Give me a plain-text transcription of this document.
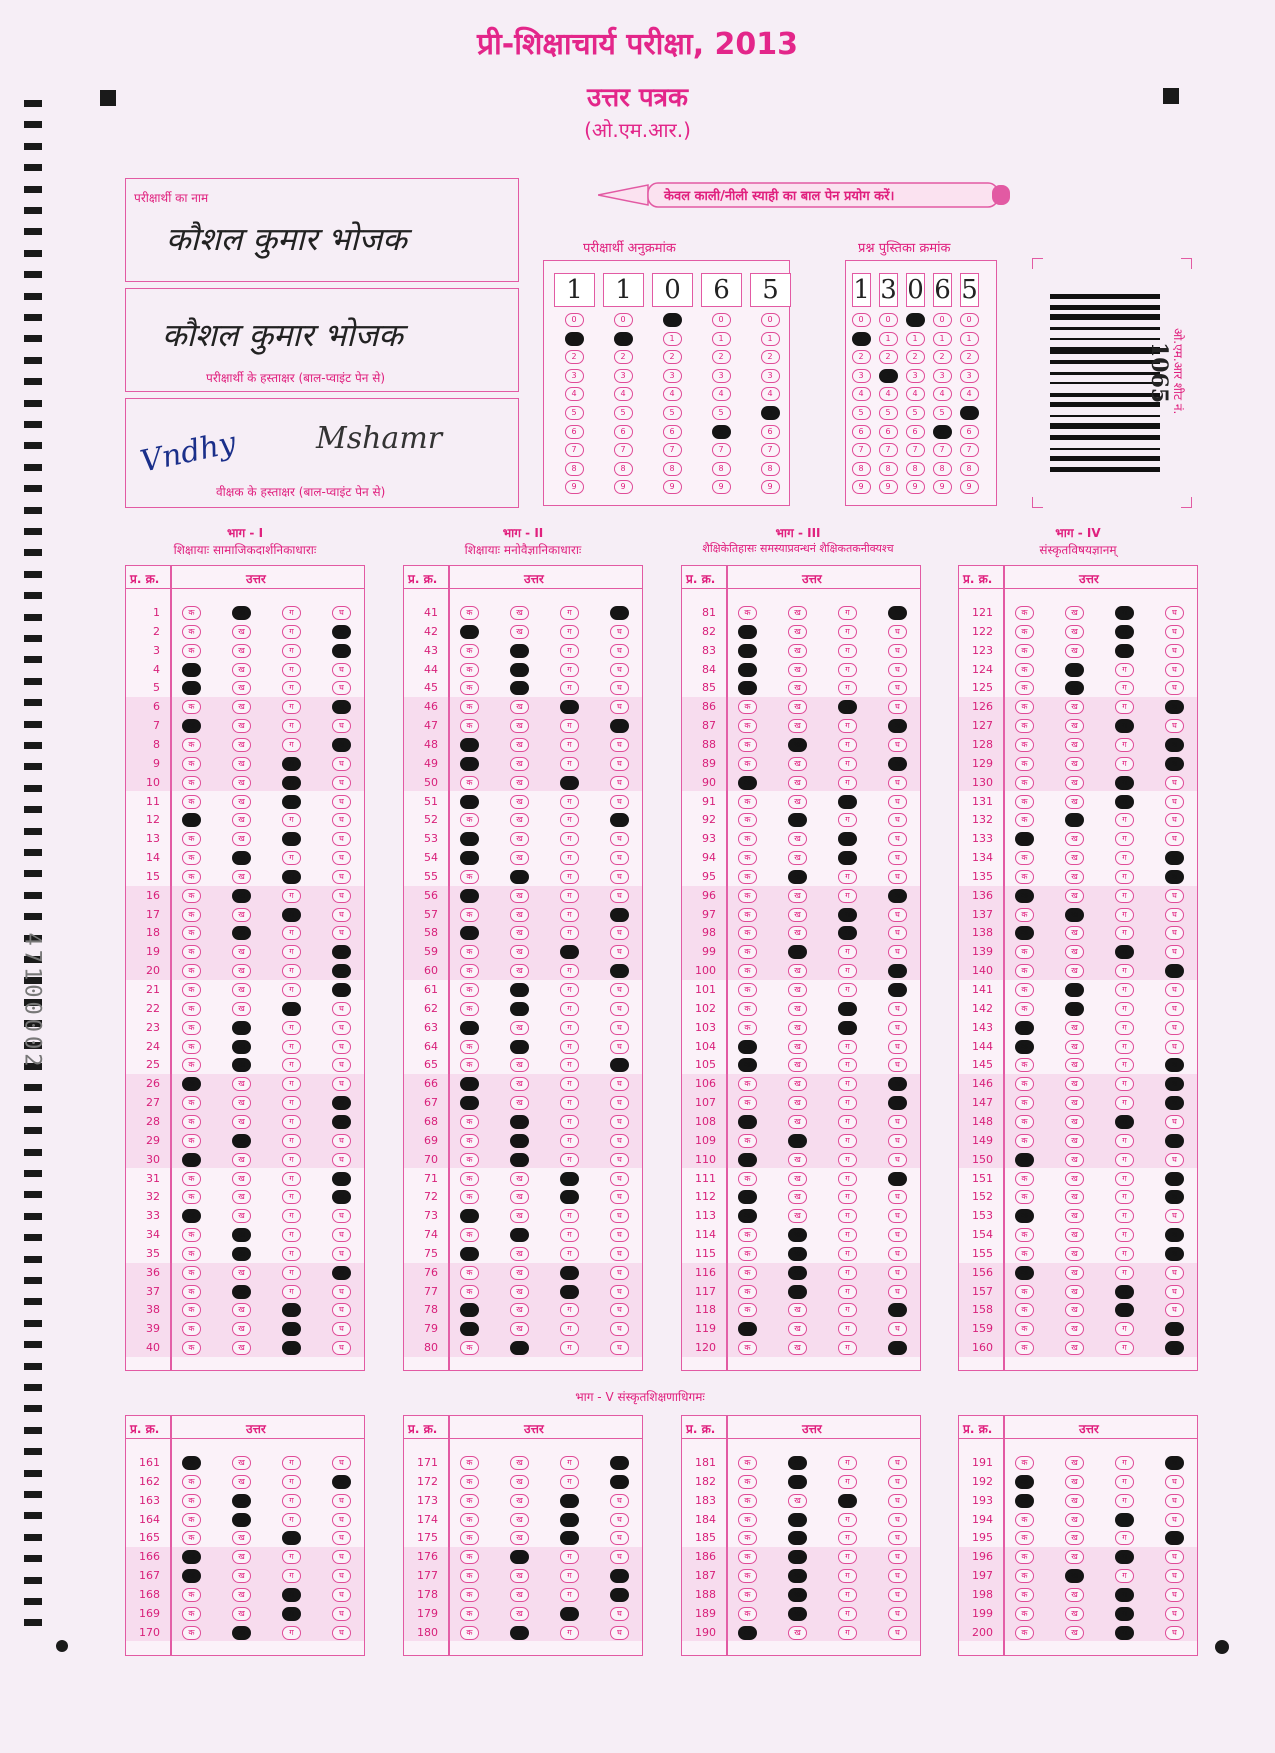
47100002
प्री-शिक्षाचार्य परीक्षा, 2013
उत्तर पत्रक
(ओ.एम.आर.)
केवल काली/नीली स्याही का बाल पेन प्रयोग करें।
परीक्षार्थी का नाम
कौशल कुमार भोजक
कौशल कुमार भोजक
परीक्षार्थी के हस्ताक्षर (बाल-प्वाइंट पेन से)
Vndhy	Mshamr
वीक्षक के हस्ताक्षर (बाल-प्वाइंट पेन से)
परीक्षार्थी अनुक्रमांक
1
0
1
2
3
4
5
6
7
8
9
1
0
1
2
3
4
5
6
7
8
9
0
0
1
2
3
4
5
6
7
8
9
6
0
1
2
3
4
5
6
7
8
9
5
0
1
2
3
4
5
6
7
8
9
प्रश्न पुस्तिका क्रमांक
1
0
1
2
3
4
5
6
7
8
9
3
0
1
2
3
4
5
6
7
8
9
0
0
1
2
3
4
5
6
7
8
9
6
0
1
2
3
4
5
6
7
8
9
5
0
1
2
3
4
5
6
7
8
9
ओ.एम.आर शीट नं.
1065
भाग - I
शिक्षायाः सामाजिकदार्शनिकाधाराः
भाग - II
शिक्षायाः मनोवैज्ञानिकाधाराः
भाग - III
शैक्षिकेतिहासः समस्याप्रवन्धनं शैक्षिकतकनीक्यश्च
भाग - IV
संस्कृतविषयज्ञानम्
प्र. क्र.	उत्तर
1	क	ख	ग	घ
2	क	ख	ग	घ
3	क	ख	ग	घ
4	क	ख	ग	घ
5	क	ख	ग	घ
6	क	ख	ग	घ
7	क	ख	ग	घ
8	क	ख	ग	घ
9	क	ख	ग	घ
10	क	ख	ग	घ
11	क	ख	ग	घ
12	क	ख	ग	घ
13	क	ख	ग	घ
14	क	ख	ग	घ
15	क	ख	ग	घ
16	क	ख	ग	घ
17	क	ख	ग	घ
18	क	ख	ग	घ
19	क	ख	ग	घ
20	क	ख	ग	घ
21	क	ख	ग	घ
22	क	ख	ग	घ
23	क	ख	ग	घ
24	क	ख	ग	घ
25	क	ख	ग	घ
26	क	ख	ग	घ
27	क	ख	ग	घ
28	क	ख	ग	घ
29	क	ख	ग	घ
30	क	ख	ग	घ
31	क	ख	ग	घ
32	क	ख	ग	घ
33	क	ख	ग	घ
34	क	ख	ग	घ
35	क	ख	ग	घ
36	क	ख	ग	घ
37	क	ख	ग	घ
38	क	ख	ग	घ
39	क	ख	ग	घ
40	क	ख	ग	घ
प्र. क्र.	उत्तर
41	क	ख	ग	घ
42	क	ख	ग	घ
43	क	ख	ग	घ
44	क	ख	ग	घ
45	क	ख	ग	घ
46	क	ख	ग	घ
47	क	ख	ग	घ
48	क	ख	ग	घ
49	क	ख	ग	घ
50	क	ख	ग	घ
51	क	ख	ग	घ
52	क	ख	ग	घ
53	क	ख	ग	घ
54	क	ख	ग	घ
55	क	ख	ग	घ
56	क	ख	ग	घ
57	क	ख	ग	घ
58	क	ख	ग	घ
59	क	ख	ग	घ
60	क	ख	ग	घ
61	क	ख	ग	घ
62	क	ख	ग	घ
63	क	ख	ग	घ
64	क	ख	ग	घ
65	क	ख	ग	घ
66	क	ख	ग	घ
67	क	ख	ग	घ
68	क	ख	ग	घ
69	क	ख	ग	घ
70	क	ख	ग	घ
71	क	ख	ग	घ
72	क	ख	ग	घ
73	क	ख	ग	घ
74	क	ख	ग	घ
75	क	ख	ग	घ
76	क	ख	ग	घ
77	क	ख	ग	घ
78	क	ख	ग	घ
79	क	ख	ग	घ
80	क	ख	ग	घ
प्र. क्र.	उत्तर
81	क	ख	ग	घ
82	क	ख	ग	घ
83	क	ख	ग	घ
84	क	ख	ग	घ
85	क	ख	ग	घ
86	क	ख	ग	घ
87	क	ख	ग	घ
88	क	ख	ग	घ
89	क	ख	ग	घ
90	क	ख	ग	घ
91	क	ख	ग	घ
92	क	ख	ग	घ
93	क	ख	ग	घ
94	क	ख	ग	घ
95	क	ख	ग	घ
96	क	ख	ग	घ
97	क	ख	ग	घ
98	क	ख	ग	घ
99	क	ख	ग	घ
100	क	ख	ग	घ
101	क	ख	ग	घ
102	क	ख	ग	घ
103	क	ख	ग	घ
104	क	ख	ग	घ
105	क	ख	ग	घ
106	क	ख	ग	घ
107	क	ख	ग	घ
108	क	ख	ग	घ
109	क	ख	ग	घ
110	क	ख	ग	घ
111	क	ख	ग	घ
112	क	ख	ग	घ
113	क	ख	ग	घ
114	क	ख	ग	घ
115	क	ख	ग	घ
116	क	ख	ग	घ
117	क	ख	ग	घ
118	क	ख	ग	घ
119	क	ख	ग	घ
120	क	ख	ग	घ
प्र. क्र.	उत्तर
121	क	ख	ग	घ
122	क	ख	ग	घ
123	क	ख	ग	घ
124	क	ख	ग	घ
125	क	ख	ग	घ
126	क	ख	ग	घ
127	क	ख	ग	घ
128	क	ख	ग	घ
129	क	ख	ग	घ
130	क	ख	ग	घ
131	क	ख	ग	घ
132	क	ख	ग	घ
133	क	ख	ग	घ
134	क	ख	ग	घ
135	क	ख	ग	घ
136	क	ख	ग	घ
137	क	ख	ग	घ
138	क	ख	ग	घ
139	क	ख	ग	घ
140	क	ख	ग	घ
141	क	ख	ग	घ
142	क	ख	ग	घ
143	क	ख	ग	घ
144	क	ख	ग	घ
145	क	ख	ग	घ
146	क	ख	ग	घ
147	क	ख	ग	घ
148	क	ख	ग	घ
149	क	ख	ग	घ
150	क	ख	ग	घ
151	क	ख	ग	घ
152	क	ख	ग	घ
153	क	ख	ग	घ
154	क	ख	ग	घ
155	क	ख	ग	घ
156	क	ख	ग	घ
157	क	ख	ग	घ
158	क	ख	ग	घ
159	क	ख	ग	घ
160	क	ख	ग	घ
प्र. क्र.	उत्तर
161	क	ख	ग	घ
162	क	ख	ग	घ
163	क	ख	ग	घ
164	क	ख	ग	घ
165	क	ख	ग	घ
166	क	ख	ग	घ
167	क	ख	ग	घ
168	क	ख	ग	घ
169	क	ख	ग	घ
170	क	ख	ग	घ
प्र. क्र.	उत्तर
171	क	ख	ग	घ
172	क	ख	ग	घ
173	क	ख	ग	घ
174	क	ख	ग	घ
175	क	ख	ग	घ
176	क	ख	ग	घ
177	क	ख	ग	घ
178	क	ख	ग	घ
179	क	ख	ग	घ
180	क	ख	ग	घ
प्र. क्र.	उत्तर
181	क	ख	ग	घ
182	क	ख	ग	घ
183	क	ख	ग	घ
184	क	ख	ग	घ
185	क	ख	ग	घ
186	क	ख	ग	घ
187	क	ख	ग	घ
188	क	ख	ग	घ
189	क	ख	ग	घ
190	क	ख	ग	घ
प्र. क्र.	उत्तर
191	क	ख	ग	घ
192	क	ख	ग	घ
193	क	ख	ग	घ
194	क	ख	ग	घ
195	क	ख	ग	घ
196	क	ख	ग	घ
197	क	ख	ग	घ
198	क	ख	ग	घ
199	क	ख	ग	घ
200	क	ख	ग	घ
भाग - V संस्कृतशिक्षणाधिगमः
